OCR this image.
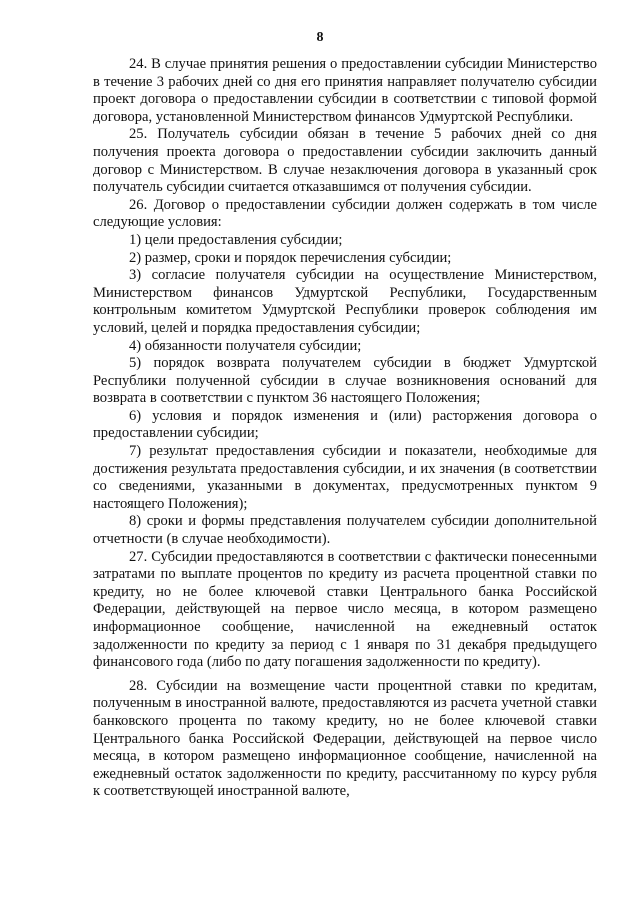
8

24. В случае принятия решения о предоставлении субсидии Министерство в течение 3 рабочих дней со дня его принятия направляет получателю субсидии проект договора о предоставлении субсидии в соответствии с типовой формой договора, установленной Министерством финансов Удмуртской Республики.

25. Получатель субсидии обязан в течение 5 рабочих дней со дня получения проекта договора о предоставлении субсидии заключить данный договор с Министерством. В случае незаключения договора в указанный срок получатель субсидии считается отказавшимся от получения субсидии.

26. Договор о предоставлении субсидии должен содержать в том числе следующие условия:

1) цели предоставления субсидии;

2) размер, сроки и порядок перечисления субсидии;

3) согласие получателя субсидии на осуществление Министерством, Министерством финансов Удмуртской Республики, Государственным контрольным комитетом Удмуртской Республики проверок соблюдения им условий, целей и порядка предоставления субсидии;

4) обязанности получателя субсидии;

5) порядок возврата получателем субсидии в бюджет Удмуртской Республики полученной субсидии в случае возникновения оснований для возврата в соответствии с пунктом 36 настоящего Положения;

6) условия и порядок изменения и (или) расторжения договора о предоставлении субсидии;

7) результат предоставления субсидии и показатели, необходимые для достижения результата предоставления субсидии, и их значения (в соответствии со сведениями, указанными в документах, предусмотренных пунктом 9 настоящего Положения);

8) сроки и формы представления получателем субсидии дополнительной отчетности (в случае необходимости).

27. Субсидии предоставляются в соответствии с фактически понесенными затратами по выплате процентов по кредиту из расчета процентной ставки по кредиту, но не более ключевой ставки Центрального банка Российской Федерации, действующей на первое число месяца, в котором размещено информационное сообщение, начисленной на ежедневный остаток задолженности по кредиту за период с 1 января по 31 декабря предыдущего финансового года (либо по дату погашения задолженности по кредиту).

28. Субсидии на возмещение части процентной ставки по кредитам, полученным в иностранной валюте, предоставляются из расчета учетной ставки банковского процента по такому кредиту, но не более ключевой ставки Центрального банка Российской Федерации, действующей на первое число месяца, в котором размещено информационное сообщение, начисленной на ежедневный остаток задолженности по кредиту, рассчитанному по курсу рубля к соответствующей иностранной валюте,
